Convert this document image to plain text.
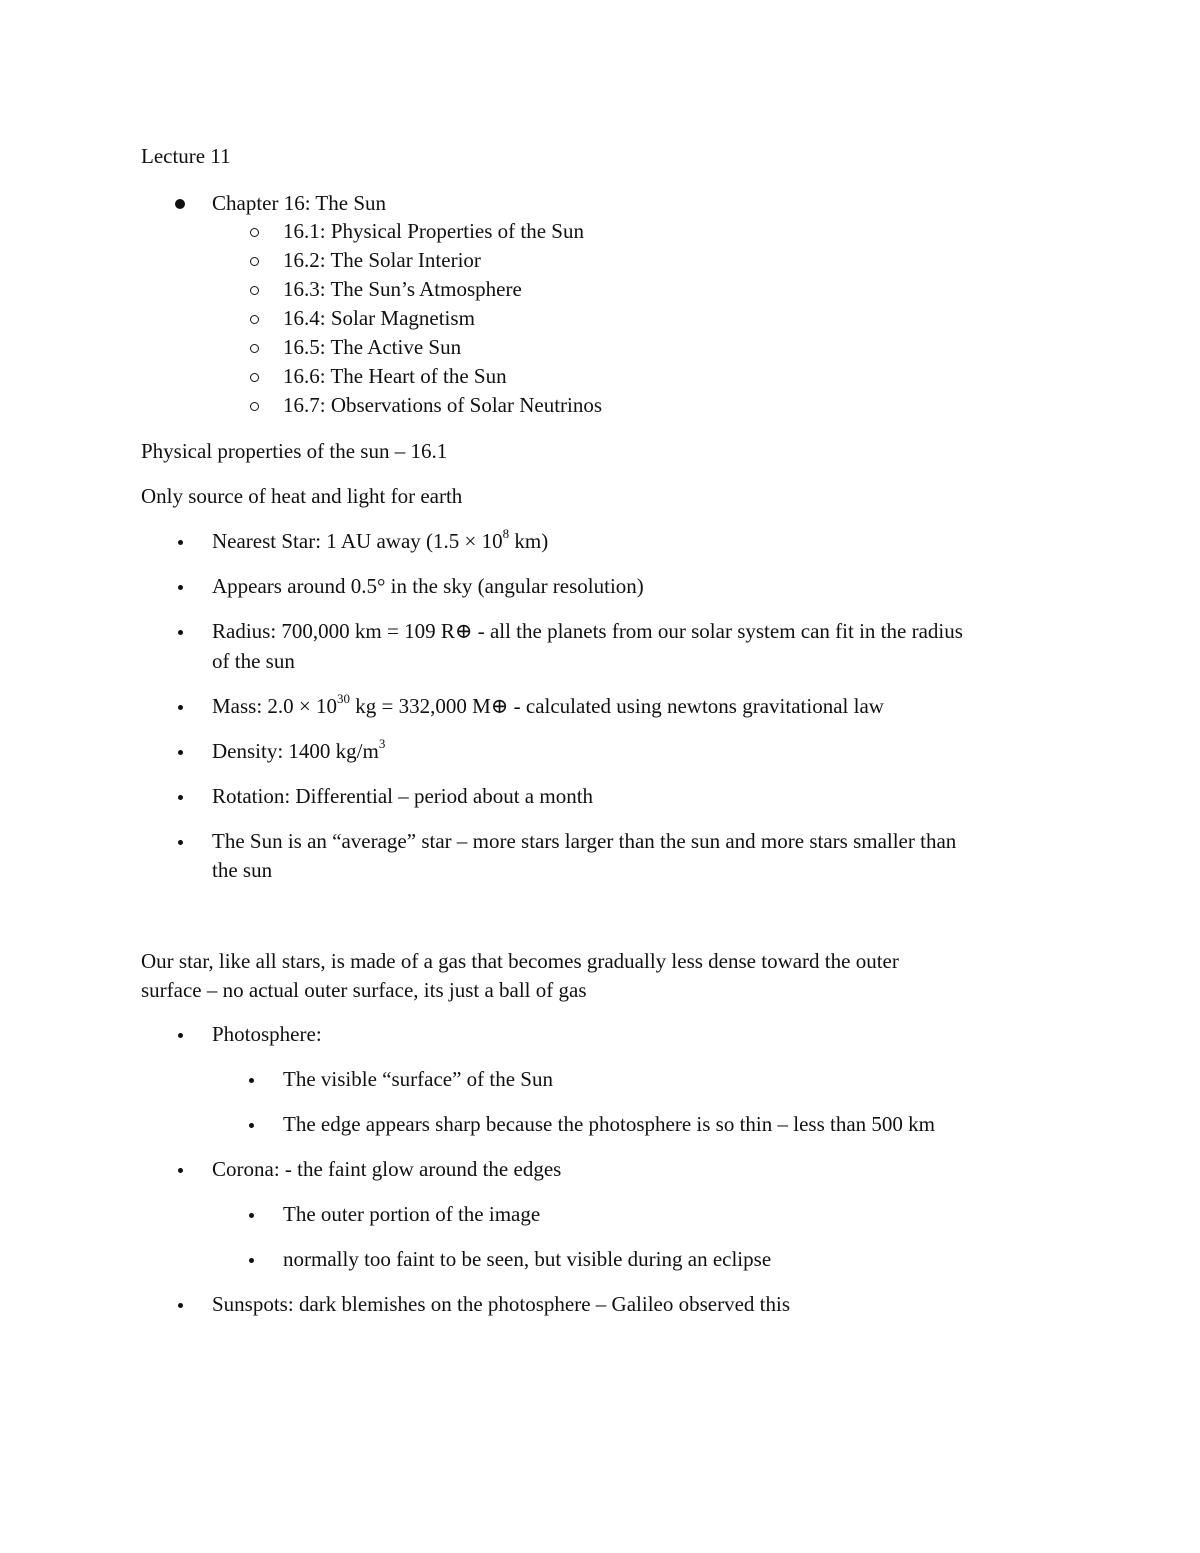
Lecture 11
Chapter 16: The Sun
16.1: Physical Properties of the Sun
16.2: The Solar Interior
16.3: The Sun’s Atmosphere
16.4: Solar Magnetism
16.5: The Active Sun
16.6: The Heart of the Sun
16.7: Observations of Solar Neutrinos
Physical properties of the sun – 16.1
Only source of heat and light for earth
Nearest Star: 1 AU away ($1.5 \times 10^8$ km)
Appears around 0.5° in the sky (angular resolution)
Radius: 700,000 km = 109 R⊕ - all the planets from our solar system can fit in the radius
of the sun
Mass: $2.0 \times 10^{30}$ kg = 332,000 M⊕ - calculated using newtons gravitational law
Density: 1400 $kg/m^3$
Rotation: Differential – period about a month
The Sun is an “average” star – more stars larger than the sun and more stars smaller than
the sun
Our star, like all stars, is made of a gas that becomes gradually less dense toward the outer
surface – no actual outer surface, its just a ball of gas
Photosphere:
The visible “surface” of the Sun
The edge appears sharp because the photosphere is so thin – less than 500 km
Corona: - the faint glow around the edges
The outer portion of the image
normally too faint to be seen, but visible during an eclipse
Sunspots: dark blemishes on the photosphere – Galileo observed this
